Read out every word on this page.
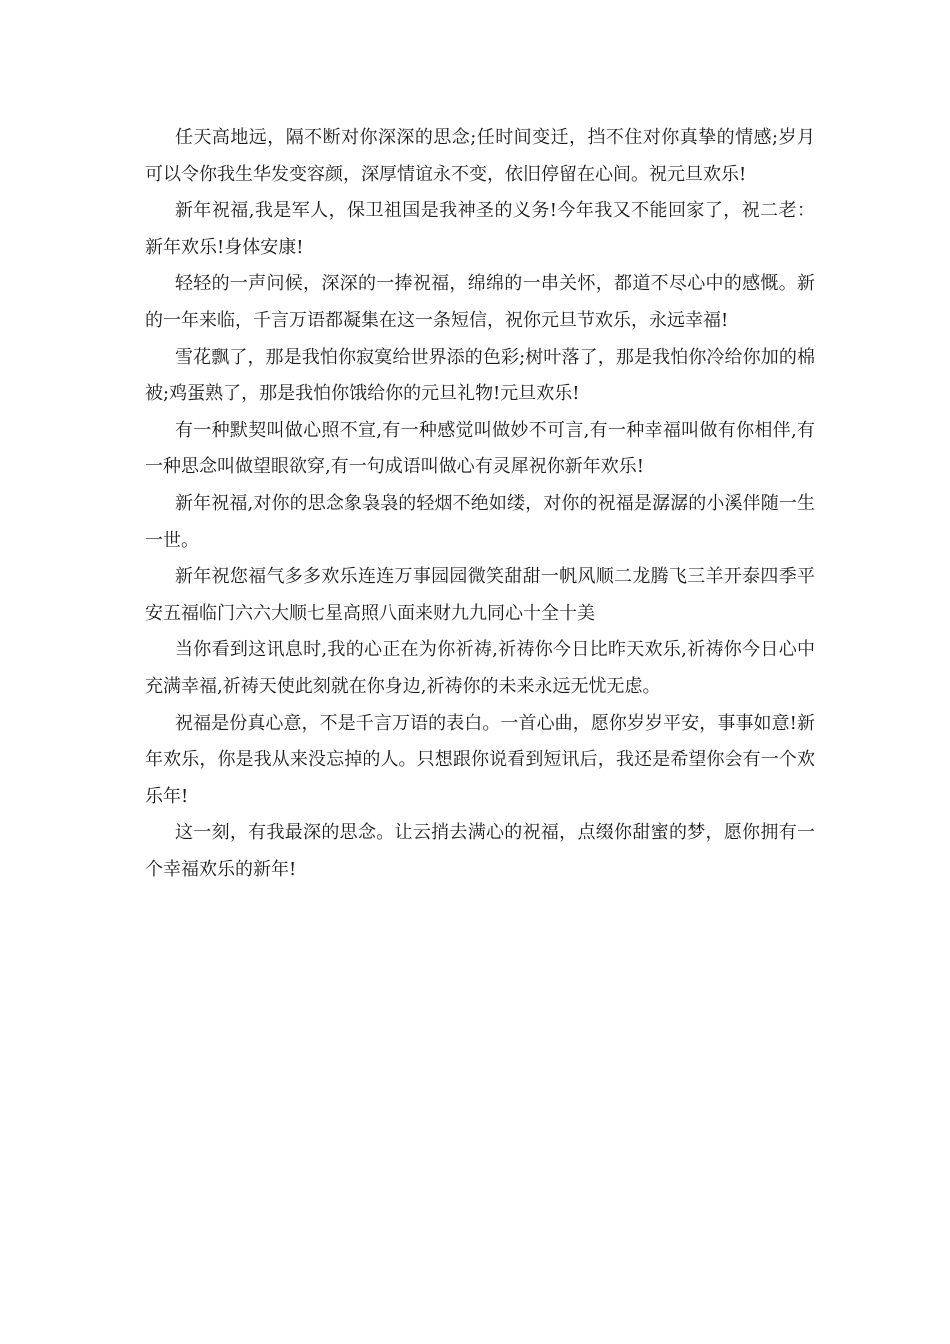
任天高地远，隔不断对你深深的思念;任时间变迁，挡不住对你真挚的情感;岁月可以令你我生华发变容颜，深厚情谊永不变，依旧停留在心间。祝元旦欢乐!

新年祝福,我是军人，保卫祖国是我神圣的义务!今年我又不能回家了，祝二老：新年欢乐!身体安康!

轻轻的一声问候，深深的一捧祝福，绵绵的一串关怀，都道不尽心中的感慨。新的一年来临，千言万语都凝集在这一条短信，祝你元旦节欢乐，永远幸福!

雪花飘了，那是我怕你寂寞给世界添的色彩;树叶落了，那是我怕你冷给你加的棉被;鸡蛋熟了，那是我怕你饿给你的元旦礼物!元旦欢乐!

有一种默契叫做心照不宣,有一种感觉叫做妙不可言,有一种幸福叫做有你相伴,有一种思念叫做望眼欲穿,有一句成语叫做心有灵犀祝你新年欢乐!

新年祝福,对你的思念象袅袅的轻烟不绝如缕，对你的祝福是潺潺的小溪伴随一生一世。

新年祝您福气多多欢乐连连万事园园微笑甜甜一帆风顺二龙腾飞三羊开泰四季平安五福临门六六大顺七星高照八面来财九九同心十全十美

当你看到这讯息时,我的心正在为你祈祷,祈祷你今日比昨天欢乐,祈祷你今日心中充满幸福,祈祷天使此刻就在你身边,祈祷你的未来永远无忧无虑。

祝福是份真心意，不是千言万语的表白。一首心曲，愿你岁岁平安，事事如意!新年欢乐，你是我从来没忘掉的人。只想跟你说看到短讯后，我还是希望你会有一个欢乐年!

这一刻，有我最深的思念。让云捎去满心的祝福，点缀你甜蜜的梦，愿你拥有一个幸福欢乐的新年!
